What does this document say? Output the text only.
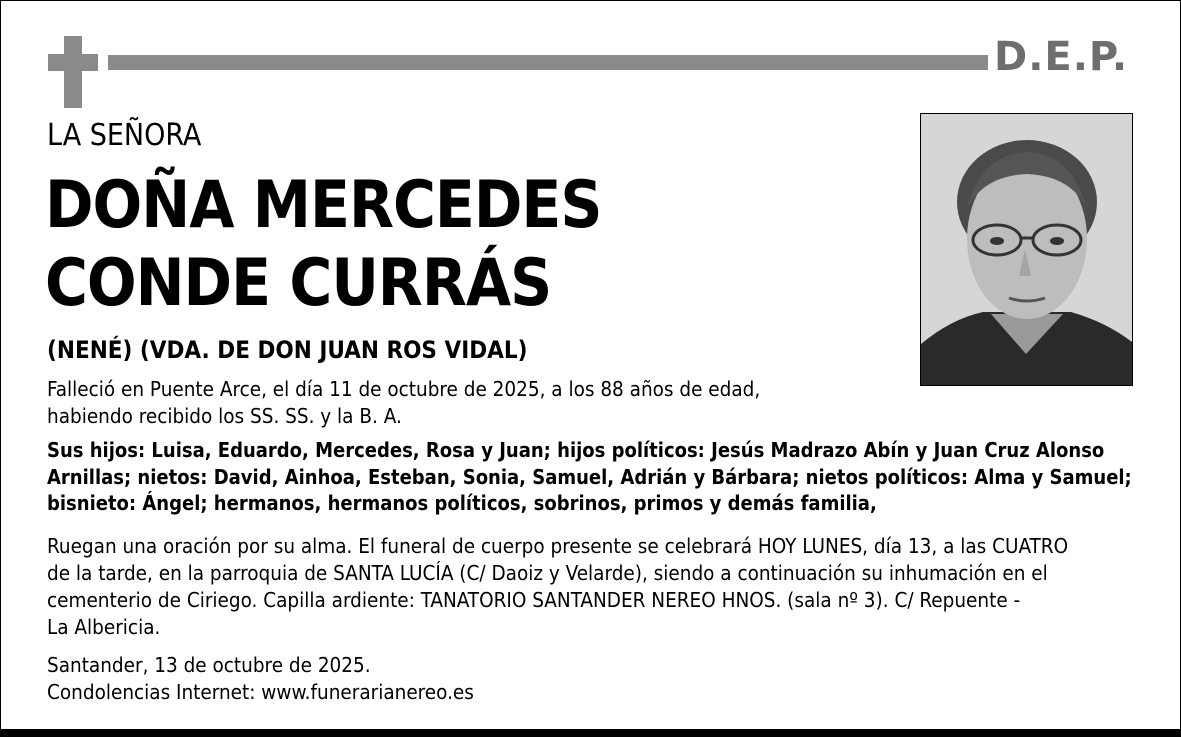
D.E.P.
LA SEÑORA
DOÑA MERCEDES
CONDE CURRÁS
(NENÉ) (VDA. DE DON JUAN ROS VIDAL)
Falleció en Puente Arce, el día 11 de octubre de 2025, a los 88 años de edad,
habiendo recibido los SS. SS. y la B. A.
Sus hijos: Luisa, Eduardo, Mercedes, Rosa y Juan; hijos políticos: Jesús Madrazo Abín y Juan Cruz Alonso
Arnillas; nietos: David, Ainhoa, Esteban, Sonia, Samuel, Adrián y Bárbara; nietos políticos: Alma y Samuel;
bisnieto: Ángel; hermanos, hermanos políticos, sobrinos, primos y demás familia,
Ruegan una oración por su alma. El funeral de cuerpo presente se celebrará HOY LUNES, día 13, a las CUATRO
de la tarde, en la parroquia de SANTA LUCÍA (C/ Daoiz y Velarde), siendo a continuación su inhumación en el
cementerio de Ciriego. Capilla ardiente: TANATORIO SANTANDER NEREO HNOS. (sala nº 3). C/ Repuente -
La Albericia.
Santander, 13 de octubre de 2025.
Condolencias Internet: www.funerarianereo.es
